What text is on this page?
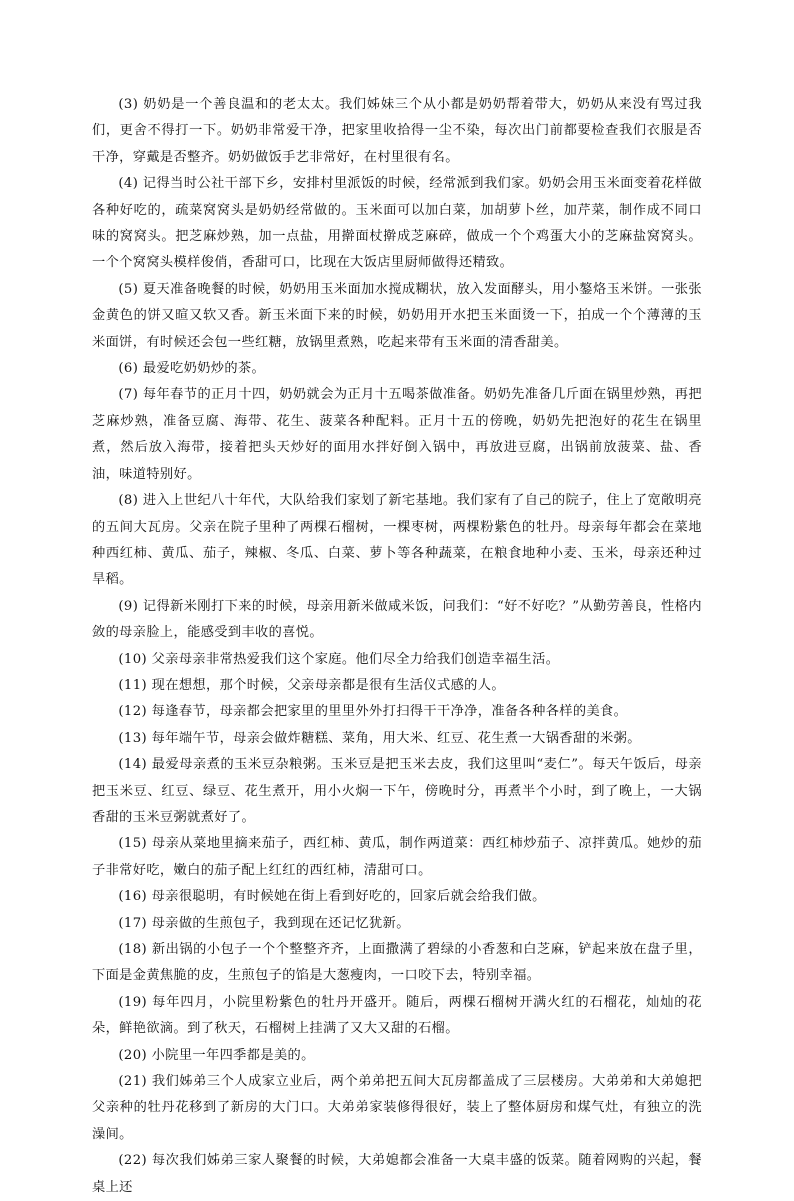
(3) 奶奶是一个善良温和的老太太。我们姊妹三个从小都是奶奶帮着带大，奶奶从来没有骂过我们，更舍不得打一下。奶奶非常爱干净，把家里收拾得一尘不染，每次出门前都要检查我们衣服是否干净，穿戴是否整齐。奶奶做饭手艺非常好，在村里很有名。

(4) 记得当时公社干部下乡，安排村里派饭的时候，经常派到我们家。奶奶会用玉米面变着花样做各种好吃的，疏菜窝窝头是奶奶经常做的。玉米面可以加白菜，加胡萝卜丝，加芹菜，制作成不同口味的窝窝头。把芝麻炒熟，加一点盐，用擀面杖擀成芝麻碎，做成一个个鸡蛋大小的芝麻盐窝窝头。一个个窝窝头模样俊俏，香甜可口，比现在大饭店里厨师做得还精致。

(5) 夏天准备晚餐的时候，奶奶用玉米面加水搅成糊状，放入发面酵头，用小鏊烙玉米饼。一张张金黄色的饼又暄又软又香。新玉米面下来的时候，奶奶用开水把玉米面烫一下，拍成一个个薄薄的玉米面饼，有时候还会包一些红糖，放锅里煮熟，吃起来带有玉米面的清香甜美。

(6) 最爱吃奶奶炒的茶。

(7) 每年春节的正月十四，奶奶就会为正月十五喝茶做准备。奶奶先准备几斤面在锅里炒熟，再把芝麻炒熟，准备豆腐、海带、花生、菠菜各种配料。正月十五的傍晚，奶奶先把泡好的花生在锅里煮，然后放入海带，接着把头天炒好的面用水拌好倒入锅中，再放进豆腐，出锅前放菠菜、盐、香油，味道特别好。

(8) 进入上世纪八十年代，大队给我们家划了新宅基地。我们家有了自己的院子，住上了宽敞明亮的五间大瓦房。父亲在院子里种了两棵石榴树，一棵枣树，两棵粉紫色的牡丹。母亲每年都会在菜地种西红柿、黄瓜、茄子，辣椒、冬瓜、白菜、萝卜等各种蔬菜，在粮食地种小麦、玉米，母亲还种过旱稻。

(9) 记得新米刚打下来的时候，母亲用新米做咸米饭，问我们：“好不好吃？”从勤劳善良，性格内敛的母亲脸上，能感受到丰收的喜悦。

(10) 父亲母亲非常热爱我们这个家庭。他们尽全力给我们创造幸福生活。

(11) 现在想想，那个时候，父亲母亲都是很有生活仪式感的人。

(12) 每逢春节，母亲都会把家里的里里外外打扫得干干净净，准备各种各样的美食。

(13) 每年端午节，母亲会做炸糖糕、菜角，用大米、红豆、花生煮一大锅香甜的米粥。

(14) 最爱母亲煮的玉米豆杂粮粥。玉米豆是把玉米去皮，我们这里叫“麦仁”。每天午饭后，母亲把玉米豆、红豆、绿豆、花生煮开，用小火焖一下午，傍晚时分，再煮半个小时，到了晚上，一大锅香甜的玉米豆粥就煮好了。

(15) 母亲从菜地里摘来茄子，西红柿、黄瓜，制作两道菜：西红柿炒茄子、凉拌黄瓜。她炒的茄子非常好吃，嫩白的茄子配上红红的西红柿，清甜可口。

(16) 母亲很聪明，有时候她在街上看到好吃的，回家后就会给我们做。

(17) 母亲做的生煎包子，我到现在还记忆犹新。

(18) 新出锅的小包子一个个整整齐齐，上面撒满了碧绿的小香葱和白芝麻，铲起来放在盘子里，下面是金黄焦脆的皮，生煎包子的馅是大葱瘦肉，一口咬下去，特别幸福。

(19) 每年四月，小院里粉紫色的牡丹开盛开。随后，两棵石榴树开满火红的石榴花，灿灿的花朵，鲜艳欲滴。到了秋天，石榴树上挂满了又大又甜的石榴。

(20) 小院里一年四季都是美的。

(21) 我们姊弟三个人成家立业后，两个弟弟把五间大瓦房都盖成了三层楼房。大弟弟和大弟媳把父亲种的牡丹花移到了新房的大门口。大弟弟家装修得很好，装上了整体厨房和煤气灶，有独立的洗澡间。

(22) 每次我们姊弟三家人聚餐的时候，大弟媳都会准备一大桌丰盛的饭菜。随着网购的兴起，餐桌上还
